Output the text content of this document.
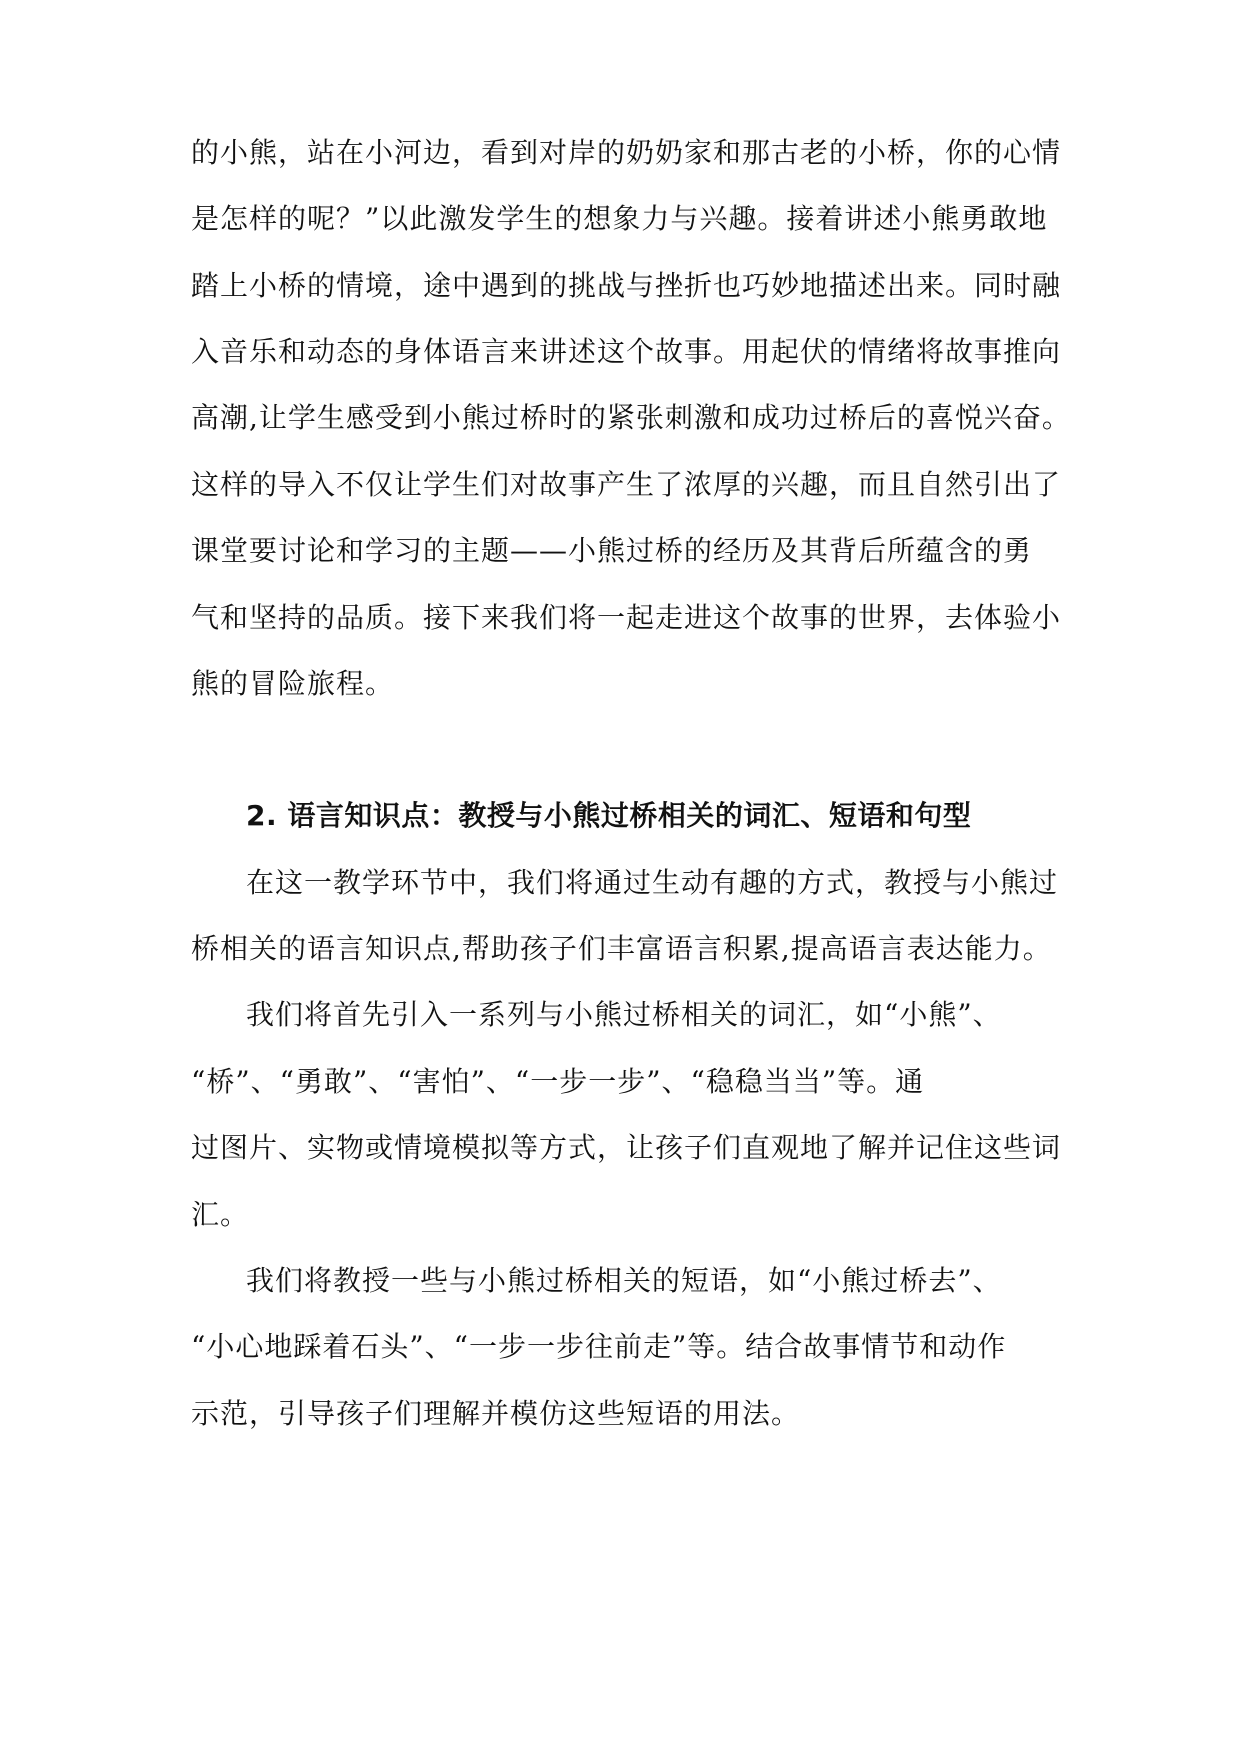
的小熊，站在小河边，看到对岸的奶奶家和那古老的小桥，你的心情
是怎样的呢？”以此激发学生的想象力与兴趣。接着讲述小熊勇敢地
踏上小桥的情境，途中遇到的挑战与挫折也巧妙地描述出来。同时融
入音乐和动态的身体语言来讲述这个故事。用起伏的情绪将故事推向
高潮,让学生感受到小熊过桥时的紧张刺激和成功过桥后的喜悦兴奋。
这样的导入不仅让学生们对故事产生了浓厚的兴趣，而且自然引出了
课堂要讨论和学习的主题——小熊过桥的经历及其背后所蕴含的勇
气和坚持的品质。接下来我们将一起走进这个故事的世界，去体验小
熊的冒险旅程。
2. 语言知识点：教授与小熊过桥相关的词汇、短语和句型
在这一教学环节中，我们将通过生动有趣的方式，教授与小熊过
桥相关的语言知识点,帮助孩子们丰富语言积累,提高语言表达能力。
我们将首先引入一系列与小熊过桥相关的词汇，如“小熊”、
“桥”、“勇敢”、“害怕”、“一步一步”、“稳稳当当”等。通
过图片、实物或情境模拟等方式，让孩子们直观地了解并记住这些词
汇。
我们将教授一些与小熊过桥相关的短语，如“小熊过桥去”、
“小心地踩着石头”、“一步一步往前走”等。结合故事情节和动作
示范，引导孩子们理解并模仿这些短语的用法。
